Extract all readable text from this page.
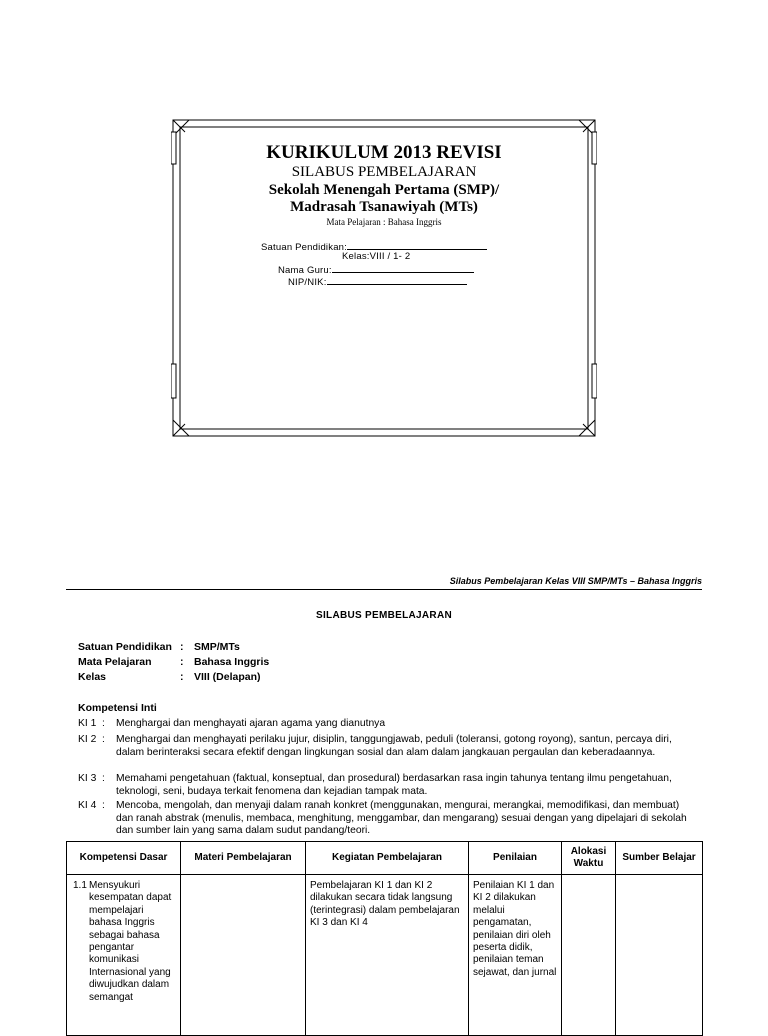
KURIKULUM 2013 REVISI
SILABUS PEMBELAJARAN
Sekolah Menengah Pertama (SMP)/
Madrasah Tsanawiyah (MTs)
Mata Pelajaran : Bahasa Inggris
Satuan Pendidikan:
Kelas:VIII / 1- 2
Nama Guru:
NIP/NIK:
Silabus Pembelajaran Kelas VIII SMP/MTs – Bahasa Inggris
SILABUS PEMBELAJARAN
Satuan Pendidikan : SMP/MTs
Mata Pelajaran	: Bahasa Inggris
Kelas	: VIII (Delapan)
Kompetensi Inti
KI 1 : Menghargai dan menghayati ajaran agama yang dianutnya
KI 2 : Menghargai dan menghayati perilaku jujur, disiplin, tanggungjawab, peduli (toleransi, gotong royong), santun, percaya diri, dalam berinteraksi secara efektif dengan lingkungan sosial dan alam dalam jangkauan pergaulan dan keberadaannya.
KI 3 : Memahami pengetahuan (faktual, konseptual, dan prosedural) berdasarkan rasa ingin tahunya tentang ilmu pengetahuan, teknologi, seni, budaya terkait fenomena dan kejadian tampak mata.
KI 4 : Mencoba, mengolah, dan menyaji dalam ranah konkret (menggunakan, mengurai, merangkai, memodifikasi, dan membuat) dan ranah abstrak (menulis, membaca, menghitung, menggambar, dan mengarang) sesuai dengan yang dipelajari di sekolah dan sumber lain yang sama dalam sudut pandang/teori.
Kompetensi Dasar	Materi Pembelajaran	Kegiatan Pembelajaran	Penilaian	Alokasi Waktu	Sumber Belajar

1.1 Mensyukuri kesempatan dapat mempelajari bahasa Inggris sebagai bahasa pengantar komunikasi Internasional yang diwujudkan dalam semangat		Pembelajaran KI 1 dan KI 2 dilakukan secara tidak langsung (terintegrasi) dalam pembelajaran KI 3 dan KI 4	Penilaian KI 1 dan KI 2 dilakukan melalui pengamatan, penilaian diri oleh peserta didik, penilaian teman sejawat, dan jurnal		
